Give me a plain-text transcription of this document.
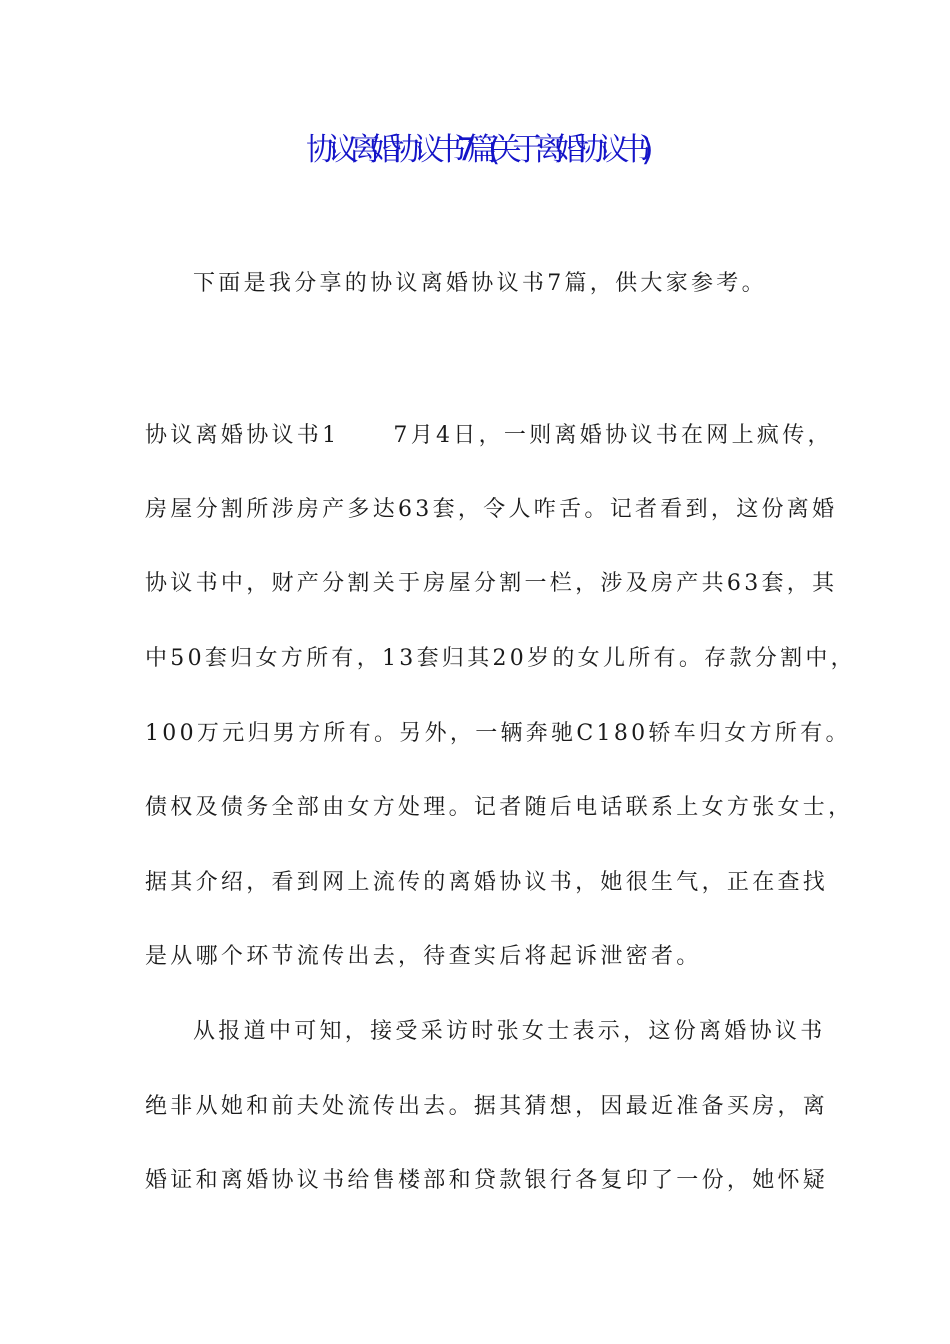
协议离婚协议书7篇(关于离婚协议书)
下面是我分享的协议离婚协议书7篇，供大家参考。
协议离婚协议书1 7月4日，一则离婚协议书在网上疯传，
房屋分割所涉房产多达63套，令人咋舌。记者看到，这份离婚
协议书中，财产分割关于房屋分割一栏，涉及房产共63套，其
中50套归女方所有，13套归其20岁的女儿所有。存款分割中，
100万元归男方所有。另外，一辆奔驰C180轿车归女方所有。
债权及债务全部由女方处理。记者随后电话联系上女方张女士，
据其介绍，看到网上流传的离婚协议书，她很生气，正在查找
是从哪个环节流传出去，待查实后将起诉泄密者。
从报道中可知，接受采访时张女士表示，这份离婚协议书
绝非从她和前夫处流传出去。据其猜想，因最近准备买房，离
婚证和离婚协议书给售楼部和贷款银行各复印了一份，她怀疑
